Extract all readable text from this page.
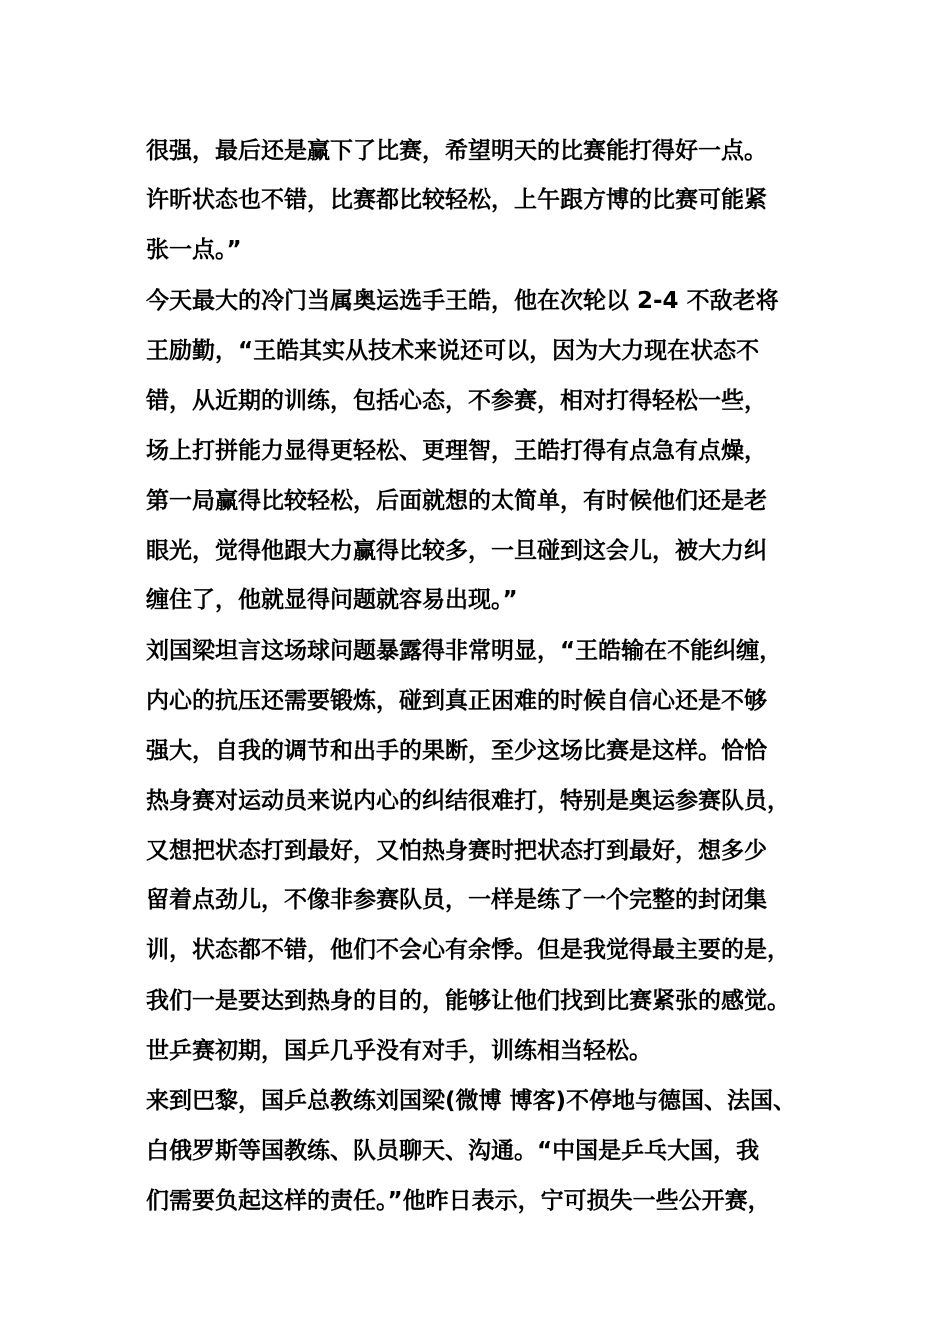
很强，最后还是赢下了比赛，希望明天的比赛能打得好一点。
许昕状态也不错，比赛都比较轻松，上午跟方博的比赛可能紧
张一点。”
今天最大的冷门当属奥运选手王皓，他在次轮以 2-4 不敌老将
王励勤，“王皓其实从技术来说还可以，因为大力现在状态不
错，从近期的训练，包括心态，不参赛，相对打得轻松一些，
场上打拼能力显得更轻松、更理智，王皓打得有点急有点燥，
第一局赢得比较轻松，后面就想的太简单，有时候他们还是老
眼光，觉得他跟大力赢得比较多，一旦碰到这会儿，被大力纠
缠住了，他就显得问题就容易出现。”
刘国梁坦言这场球问题暴露得非常明显，“王皓输在不能纠缠，
内心的抗压还需要锻炼，碰到真正困难的时候自信心还是不够
强大，自我的调节和出手的果断，至少这场比赛是这样。恰恰
热身赛对运动员来说内心的纠结很难打，特别是奥运参赛队员，
又想把状态打到最好，又怕热身赛时把状态打到最好，想多少
留着点劲儿，不像非参赛队员，一样是练了一个完整的封闭集
训，状态都不错，他们不会心有余悸。但是我觉得最主要的是，
我们一是要达到热身的目的，能够让他们找到比赛紧张的感觉。
世乒赛初期，国乒几乎没有对手，训练相当轻松。
来到巴黎，国乒总教练刘国梁(微博 博客)不停地与德国、法国、
白俄罗斯等国教练、队员聊天、沟通。“中国是乒乓大国，我
们需要负起这样的责任。”他昨日表示，宁可损失一些公开赛，
